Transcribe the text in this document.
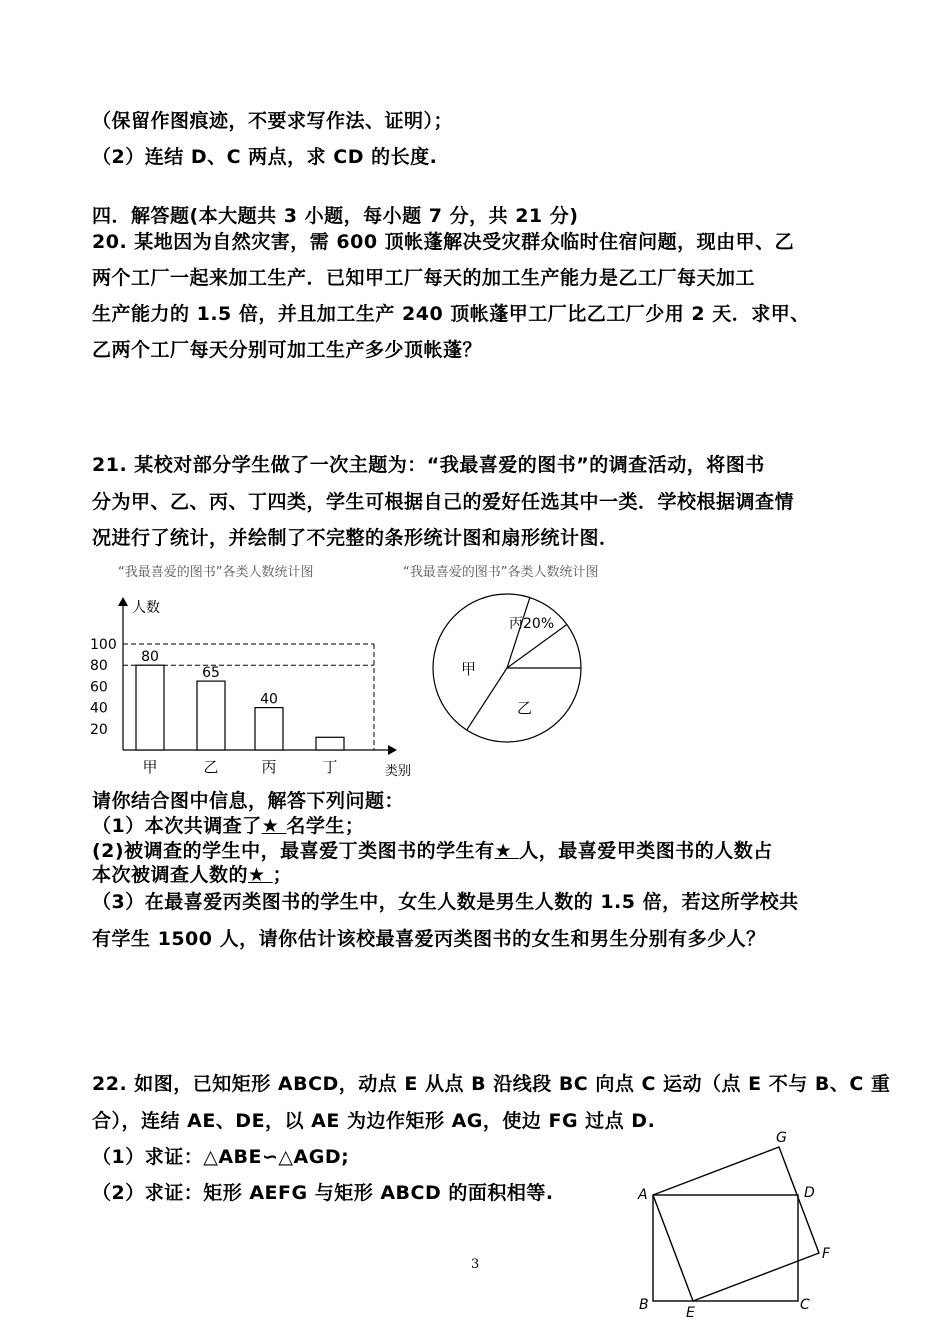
（保留作图痕迹，不要求写作法、证明）；
（2）连结 D、C 两点，求 CD 的长度.
四．解答题(本大题共 3 小题，每小题 7 分，共 21 分)
20. 某地因为自然灾害，需 600 顶帐蓬解决受灾群众临时住宿问题，现由甲、乙
两个工厂一起来加工生产．已知甲工厂每天的加工生产能力是乙工厂每天加工
生产能力的 1.5 倍，并且加工生产 240 顶帐蓬甲工厂比乙工厂少用 2 天．求甲、
乙两个工厂每天分别可加工生产多少顶帐蓬？
21. 某校对部分学生做了一次主题为：“我最喜爱的图书”的调查活动，将图书
分为甲、乙、丙、丁四类，学生可根据自己的爱好任选其中一类．学校根据调查情
况进行了统计，并绘制了不完整的条形统计图和扇形统计图．
“我最喜爱的图书”各类人数统计图	“我最喜爱的图书”各类人数统计图
人数
类别
20
40
60
80
100
80
甲
65
乙
40
丙	丁
丙20%
甲
乙
请你结合图中信息，解答下列问题：
（1）本次共调查了★ 名学生；
(2)被调查的学生中，最喜爱丁类图书的学生有★ 人，最喜爱甲类图书的人数占
本次被调查人数的★ ；
（3）在最喜爱丙类图书的学生中，女生人数是男生人数的 1.5 倍，若这所学校共
有学生 1500 人，请你估计该校最喜爱丙类图书的女生和男生分别有多少人？
22. 如图，已知矩形 ABCD，动点 E 从点 B 沿线段 BC 向点 C 运动（点 E 不与 B、C 重
合），连结 AE、DE，以 AE 为边作矩形 AG，使边 FG 过点 D.
（1）求证：△ABE∽△AGD;
（2）求证：矩形 AEFG 与矩形 ABCD 的面积相等.
3
A
G
D
F
B	E	C
